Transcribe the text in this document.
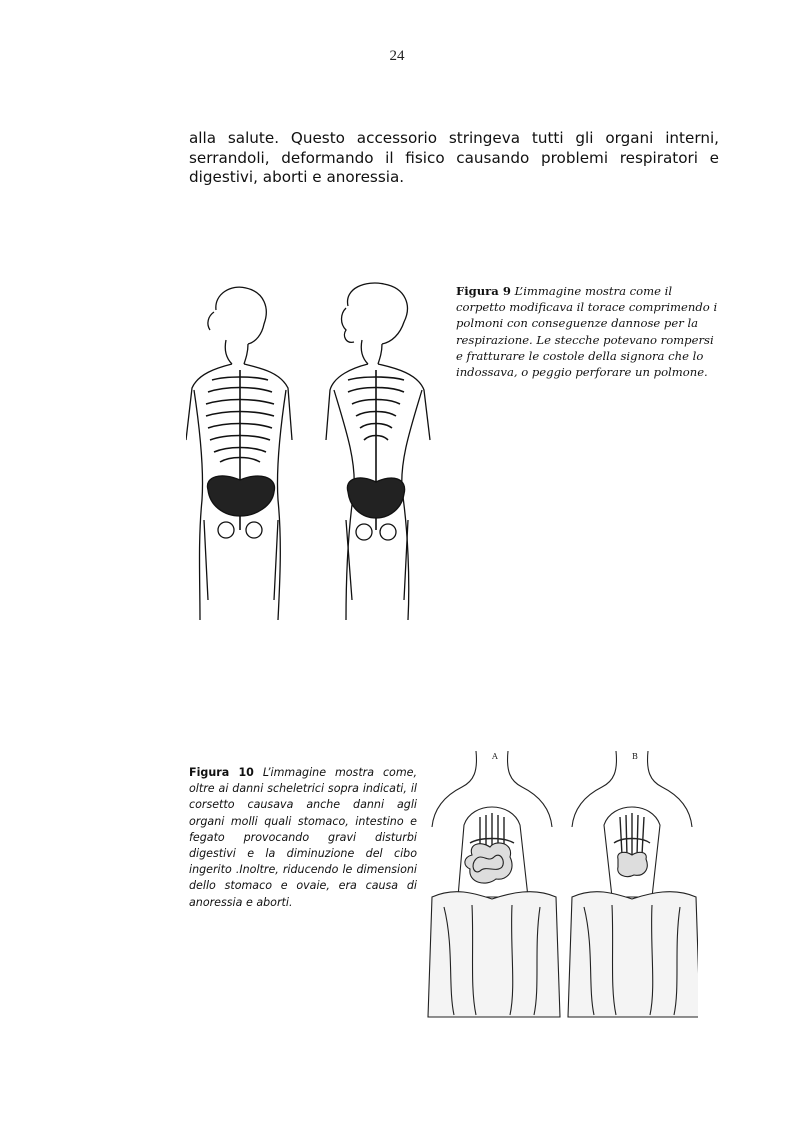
24
alla salute. Questo accessorio stringeva tutti gli organi interni, serrandoli, deformando il fisico causando problemi respiratori e digestivi, aborti e anoressia.
Figura 9 L’immagine mostra come il corpetto modificava il torace comprimendo i polmoni con conseguenze dannose per la respirazione. Le stecche potevano rompersi e fratturare le costole della signora che lo indossava, o peggio perforare un polmone.
Figura 10 L’immagine mostra come, oltre ai danni scheletrici sopra indicati, il corsetto causava anche danni agli organi molli quali stomaco, intestino e fegato provocando gravi disturbi digestivi e la diminuzione del cibo ingerito .Inoltre, riducendo le dimensioni dello stomaco e ovaie, era causa di anoressia e aborti.
A	B
